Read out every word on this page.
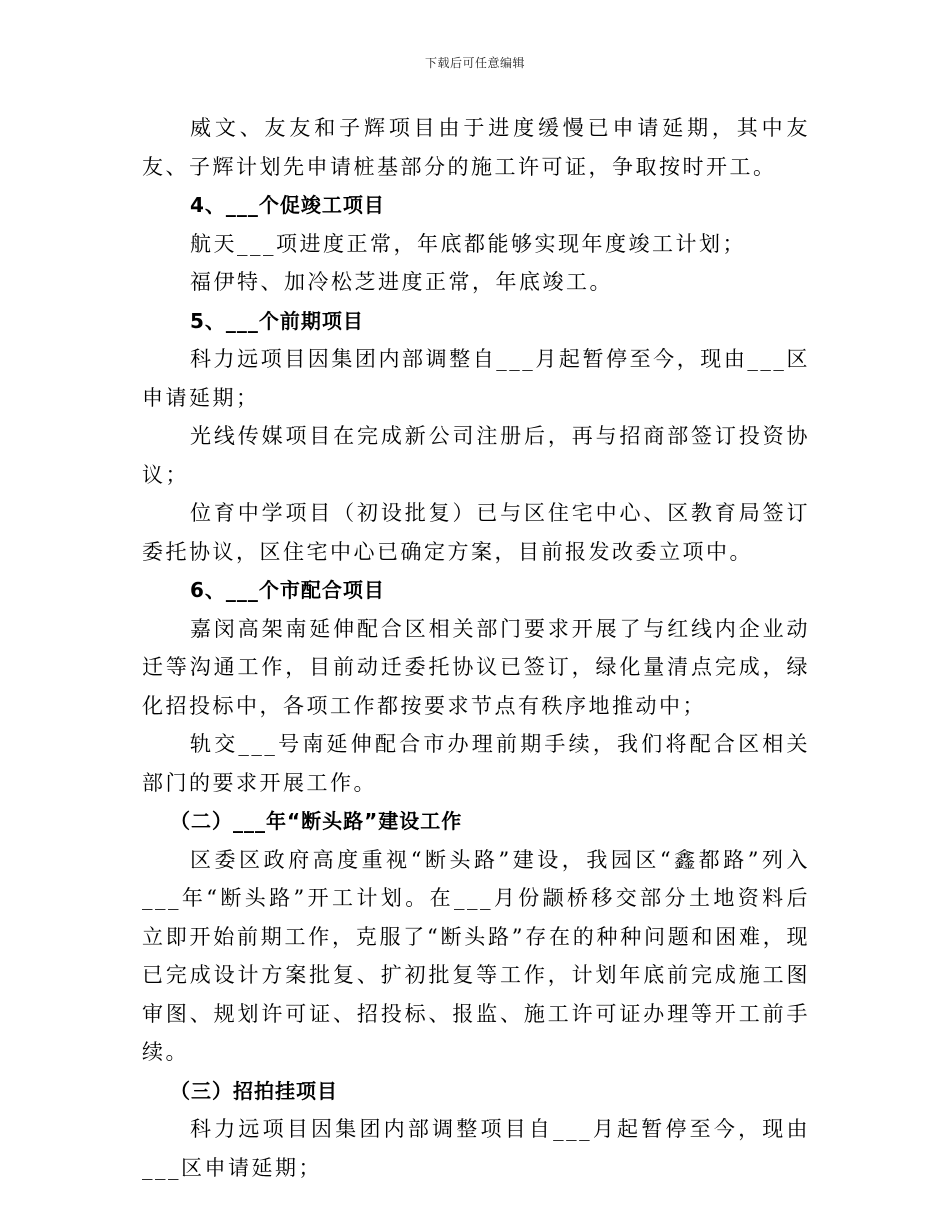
下载后可任意编辑

威文、友友和子辉项目由于进度缓慢已申请延期，其中友友、子辉计划先申请桩基部分的施工许可证，争取按时开工。

4、___个促竣工项目

航天___项进度正常，年底都能够实现年度竣工计划；

福伊特、加冷松芝进度正常，年底竣工。

5、___个前期项目

科力远项目因集团内部调整自___月起暂停至今，现由___区申请延期；

光线传媒项目在完成新公司注册后，再与招商部签订投资协议；

位育中学项目（初设批复）已与区住宅中心、区教育局签订委托协议，区住宅中心已确定方案，目前报发改委立项中。

6、___个市配合项目

嘉闵高架南延伸配合区相关部门要求开展了与红线内企业动迁等沟通工作，目前动迁委托协议已签订，绿化量清点完成，绿化招投标中，各项工作都按要求节点有秩序地推动中；

轨交___号南延伸配合市办理前期手续，我们将配合区相关部门的要求开展工作。

（二）___年“断头路”建设工作

区委区政府高度重视“断头路”建设，我园区“鑫都路”列入___年“断头路”开工计划。在___月份颛桥移交部分土地资料后立即开始前期工作，克服了“断头路”存在的种种问题和困难，现已完成设计方案批复、扩初批复等工作，计划年底前完成施工图审图、规划许可证、招投标、报监、施工许可证办理等开工前手续。

（三）招拍挂项目

科力远项目因集团内部调整项目自___月起暂停至今，现由___区申请延期；
